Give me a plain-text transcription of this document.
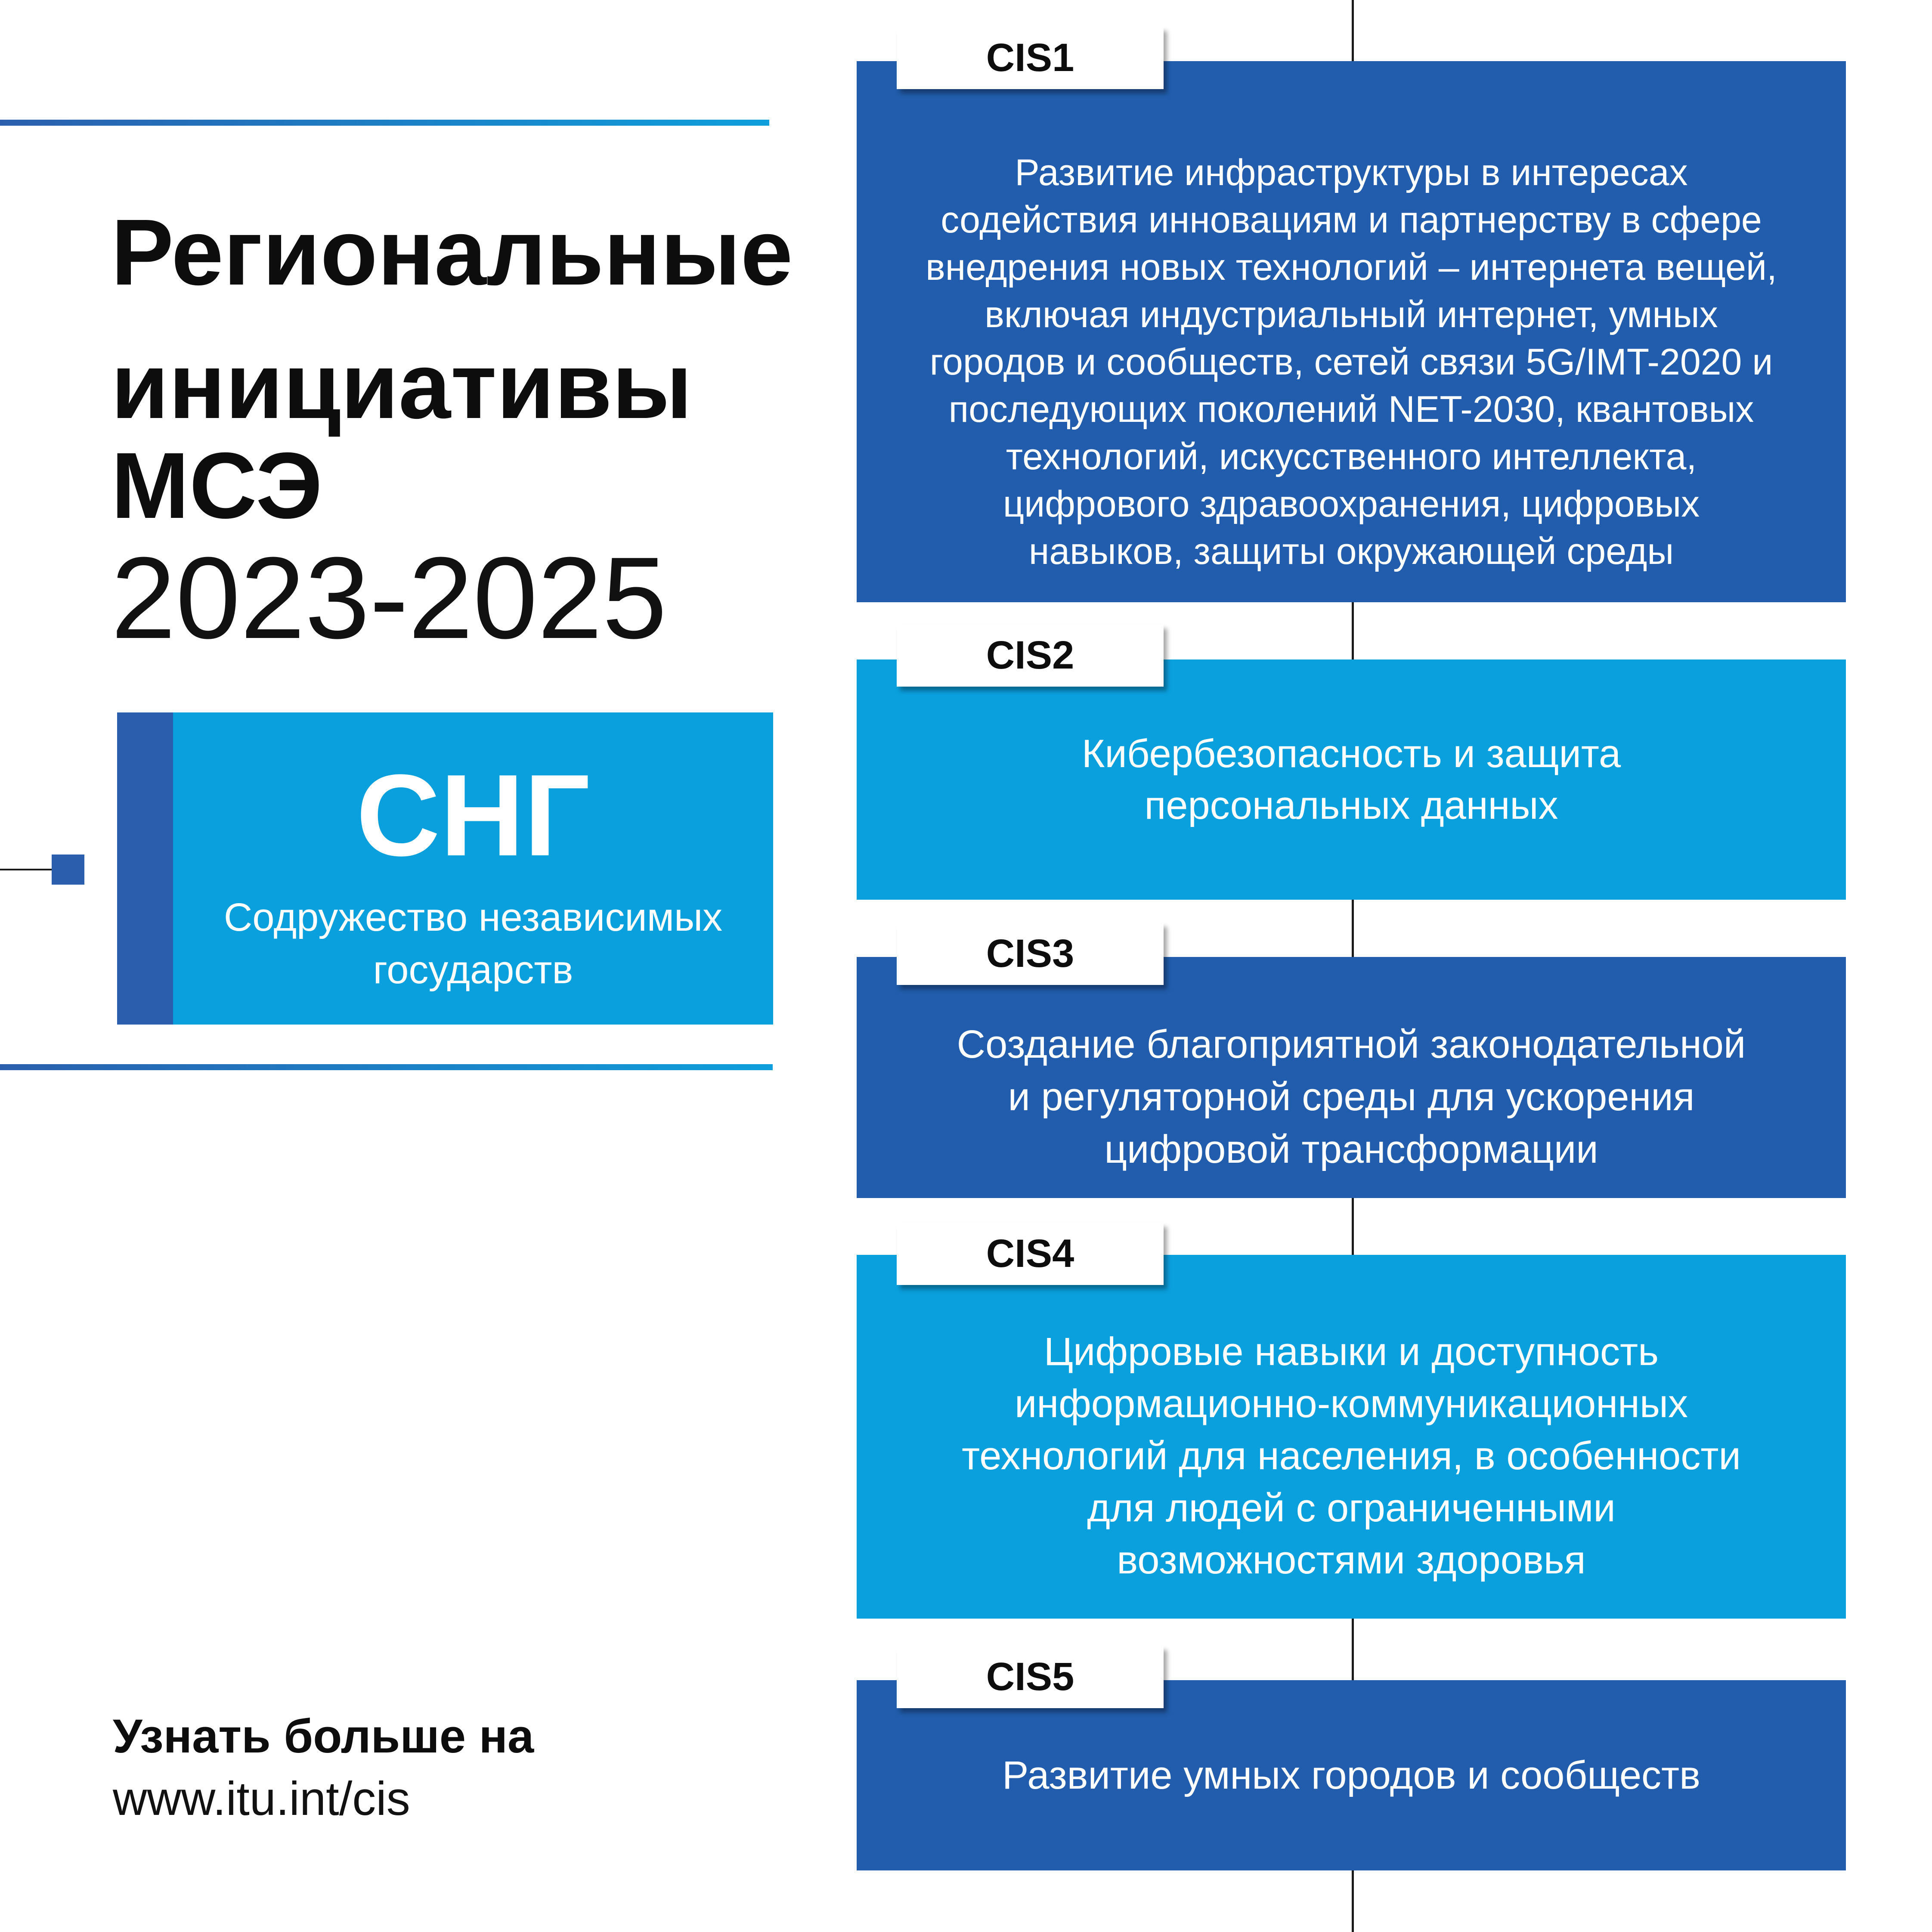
Региональные
инициативы
МСЭ
2023-2025
СНГ
Содружество независимых
государств
Узнать больше на
www.itu.int/cis
Развитие инфраструктуры в интересах
содействия инновациям и партнерству в сфере
внедрения новых технологий – интернета вещей,
включая индустриальный интернет, умных
городов и сообществ, сетей связи 5G/IMT-2020 и
последующих поколений NET-2030, квантовых
технологий, искусственного интеллекта,
цифрового здравоохранения, цифровых
навыков, защиты окружающей среды
CIS1
Кибербезопасность и защита
персональных данных
CIS2
Создание благоприятной законодательной
и регуляторной среды для ускорения
цифровой трансформации
CIS3
Цифровые навыки и доступность
информационно-коммуникационных
технологий для населения, в особенности
для людей с ограниченными
возможностями здоровья
CIS4
Развитие умных городов и сообществ
CIS5
